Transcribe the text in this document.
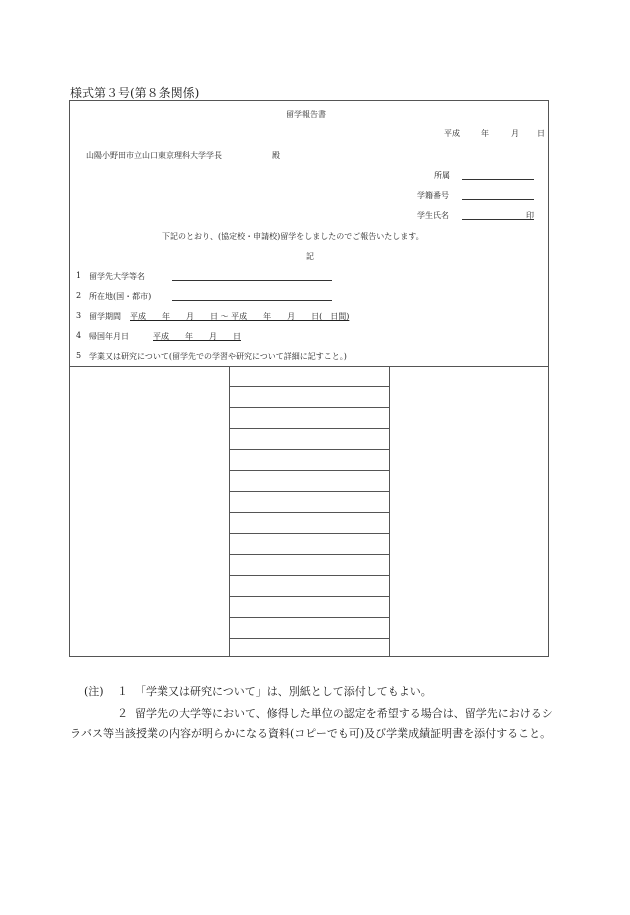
様式第３号(第８条関係)
留学報告書
平成	年	月 日
山陽小野田市立山口東京理科大学学長	殿
所属
学籍番号
学生氏名	印
下記のとおり、(協定校・申請校)留学をしましたのでご報告いたします。
記
1 留学先大学等名
2 所在地(国・都市)
3 留学期間 平成　　年　　月　　日 ～ 平成　　年　　月　　日(　日間)
4 帰国年月日	平成　　年　　月　　日
5 学業又は研究について(留学先での学習や研究について詳細に記すこと。)
(注) １ 「学業又は研究について」は、別紙として添付してもよい。
２ 留学先の大学等において、修得した単位の認定を希望する場合は、留学先におけるシ
ラバス等当該授業の内容が明らかになる資料(コピーでも可)及び学業成績証明書を添付すること。
